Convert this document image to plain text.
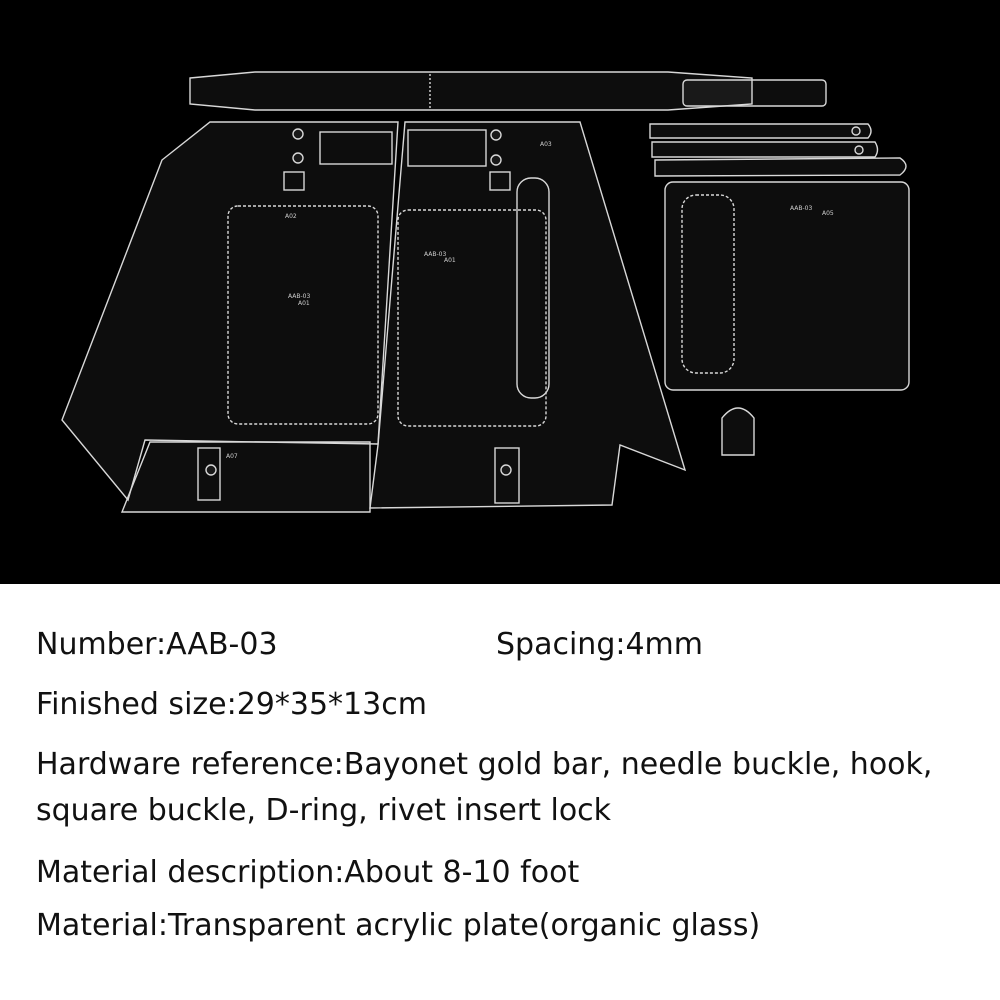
AAB-03
AAB-03
A01
A01
AAB-03
A05
A07
A02
A03
Number:AAB-03	Spacing:4mm
Finished size:29*35*13cm
Hardware reference:Bayonet gold bar, needle buckle, hook,
square buckle, D-ring, rivet insert lock
Material description:About 8-10 foot
Material:Transparent acrylic plate(organic glass)
